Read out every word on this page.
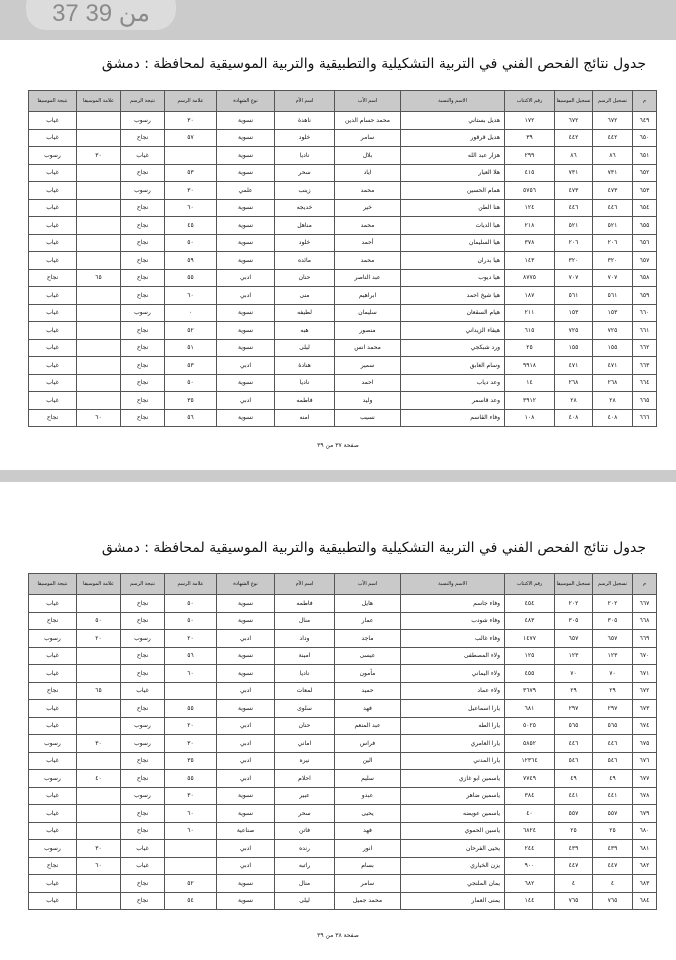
37 من 39
جدول نتائج الفحص الفني في التربية التشكيلية والتطبيقية والتربية الموسيقية لمحافظة : دمشق
م	تسجيل الرسم	تسجيل الموسيقا	رقم الاكتتاب	الاسم والنسبة	اسم الأب	اسم الأم	نوع الشهادة	علامة الرسم	نتيجة الرسم	علامة الموسيقا	نتيجة الموسيقا
٦٤٩	٦٧٢	٦٧٢	١٧٢	هديل بستاني	محمد حسام الدين	ناهدة	نسوية	٣٠	رسوب		غياب
٦٥٠	٤٤٢	٤٤٢	٣٩	هديل قرقور	سامر	خلود	نسوية	٥٧	نجاح		غياب
٦٥١	٨٦	٨٦	٢٩٩	هزار عبد الله	بلال	ناديا	نسوية		غياب	٣٠	رسوب
٦٥٢	٧٣١	٧٣١	٤١٥	هلا العيار	اياد	سحر	نسوية	٥٣	نجاح		غياب
٦٥٣	٤٧٣	٤٧٣	٥٧٥٦	همام الحسين	محمد	زينب	علمي	٣٠	رسوب		غياب
٦٥٤	٤٤٦	٤٤٦	١٢٤	هنا الطن	خير	خديجه	نسوية	٦٠	نجاح		غياب
٦٥٥	٥٢١	٥٢١	٢١٨	هيا الديات	محمد	مناهل	نسوية	٤٥	نجاح		غياب
٦٥٦	٢٠٦	٢٠٦	٣٧٨	هيا السليمان	أحمد	خلود	نسوية	٥٠	نجاح		غياب
٦٥٧	٣٢٠	٣٢٠	١٤٣	هيا بدران	محمد	مائده	نسوية	٥٩	نجاح		غياب
٦٥٨	٧٠٧	٧٠٧	٨٧٧٥	هيا ديوب	عبد الناصر	حنان	ادبي	٥٥	نجاح	٦٥	نجاح
٦٥٩	٥٦١	٥٦١	١٨٧	هيا شيخ احمد	ابراهيم	منى	ادبي	٦٠	نجاح		غياب
٦٦٠	١٥٣	١٥٣	٢١١	هيام السقعان	سليمان	لطيفه	نسوية	٠	رسوب		غياب
٦٦١	٧٢٥	٧٢٥	٦١٥	هيفاء الزيداني	منصور	هبه	نسوية	٥٢	نجاح		غياب
٦٦٢	١٥٥	١٥٥	٢٥	ورد شبكجي	محمد انس	ليلى	نسوية	٥١	نجاح		غياب
٦٦٣	٤٧١	٤٧١	٩٩١٨	وسام العابق	سمير	هنادة	ادبي	٥٣	نجاح		غياب
٦٦٤	٢٦٨	٢٦٨	١٤	وعد دياب	احمد	ناديا	نسوية	٥٠	نجاح		غياب
٦٦٥	٢٨	٢٨	٣٩١٢	وعد قاسمر	وليد	فاطمه	ادبي	٣٥	نجاح		غياب
٦٦٦	٤٠٨	٤٠٨	١٠٨	وفاء القاسم	نسيب	امنه	نسوية	٥٦	نجاح	٦٠	نجاح
صفحة ٣٧ من ٣٩
جدول نتائج الفحص الفني في التربية التشكيلية والتطبيقية والتربية الموسيقية لمحافظة : دمشق
م	تسجيل الرسم	تسجيل الموسيقا	رقم الاكتتاب	الاسم والنسبة	اسم الأب	اسم الأم	نوع الشهادة	علامة الرسم	نتيجة الرسم	علامة الموسيقا	نتيجة الموسيقا
٦٦٧	٢٠٢	٢٠٢	٤٥٤	وفاء جاسم	هايل	فاطمه	نسوية	٥٠	نجاح		غياب
٦٦٨	٣٠٥	٣٠٥	٤٨٣	وفاء شودب	عمار	منال	نسوية	٥٠	نجاح	٥٠	نجاح
٦٦٩	٦٥٧	٦٥٧	١٤٧٧	وفاء غالب	ماجد	وداد	ادبي	٢٠	رسوب	٢٠	رسوب
٦٧٠	١٢٣	١٢٣	١٢٥	ولاء المصطفى	عيسى	امينة	نسوية	٥٦	نجاح		غياب
٦٧١	٧٠	٧٠	٤٥٥	ولاء اليماني	مأمون	ناديا	نسوية	٦٠	نجاح		غياب
٦٧٢	٢٩	٢٩	٣٦٧٩	ولاء عماد	حميد	لمعات	ادبي		غياب	٦٥	نجاح
٦٧٣	٢٩٧	٢٩٧	٦٨١	يارا اسماعيل	فهد	سلوى	نسوية	٥٥	نجاح		غياب
٦٧٤	٥٦٥	٥٦٥	٥٠٢٥	يارا الطه	عبد المنعم	حنان	ادبي	٢٠	رسوب		غياب
٦٧٥	٤٤٦	٤٤٦	٥٨٥٢	يارا العامري	فراس	اماني	ادبي	٣٠	رسوب	٣٠	رسوب
٦٧٦	٥٤٦	٥٤٦	١٢٣٦٤	يارا المدني	الين	نيره	ادبي	٣٥	نجاح		غياب
٦٧٧	٤٩	٤٩	٧٧٤٩	ياسمين ابو غازي	سليم	احلام	ادبي	٥٥	نجاح	٤٠	رسوب
٦٧٨	٤٤١	٤٤١	٣٨٤	ياسمين ضاهر	عبدو	عبير	نسوية	٣٠	رسوب		غياب
٦٧٩	٥٥٧	٥٥٧	٤٠	ياسمين عويضه	يحيى	سحر	نسوية	٦٠	نجاح		غياب
٦٨٠	٢٥	٢٥	٦٨٢٤	ياسين الحموي	فهد	فاتن	صناعية	٦٠	نجاح		غياب
٦٨١	٤٣٩	٤٣٩	٢٤٤	يحيى الفرحان	انور	رنده	ادبي		غياب	٣٠	رسوب
٦٨٢	٤٤٧	٤٤٧	٩٠٠	يزن الخياري	بسام	راتبه	ادبي		غياب	٦٠	نجاح
٦٨٣	٤	٤	٦٨٢	يمان الملنجي	سامر	منال	نسوية	٥٢	نجاح		غياب
٦٨٤	٧٦٥	٧٦٥	١٤٤	يمنى العمار	محمد جميل	ليلى	نسوية	٥٤	نجاح		غياب
صفحة ٣٨ من ٣٩
